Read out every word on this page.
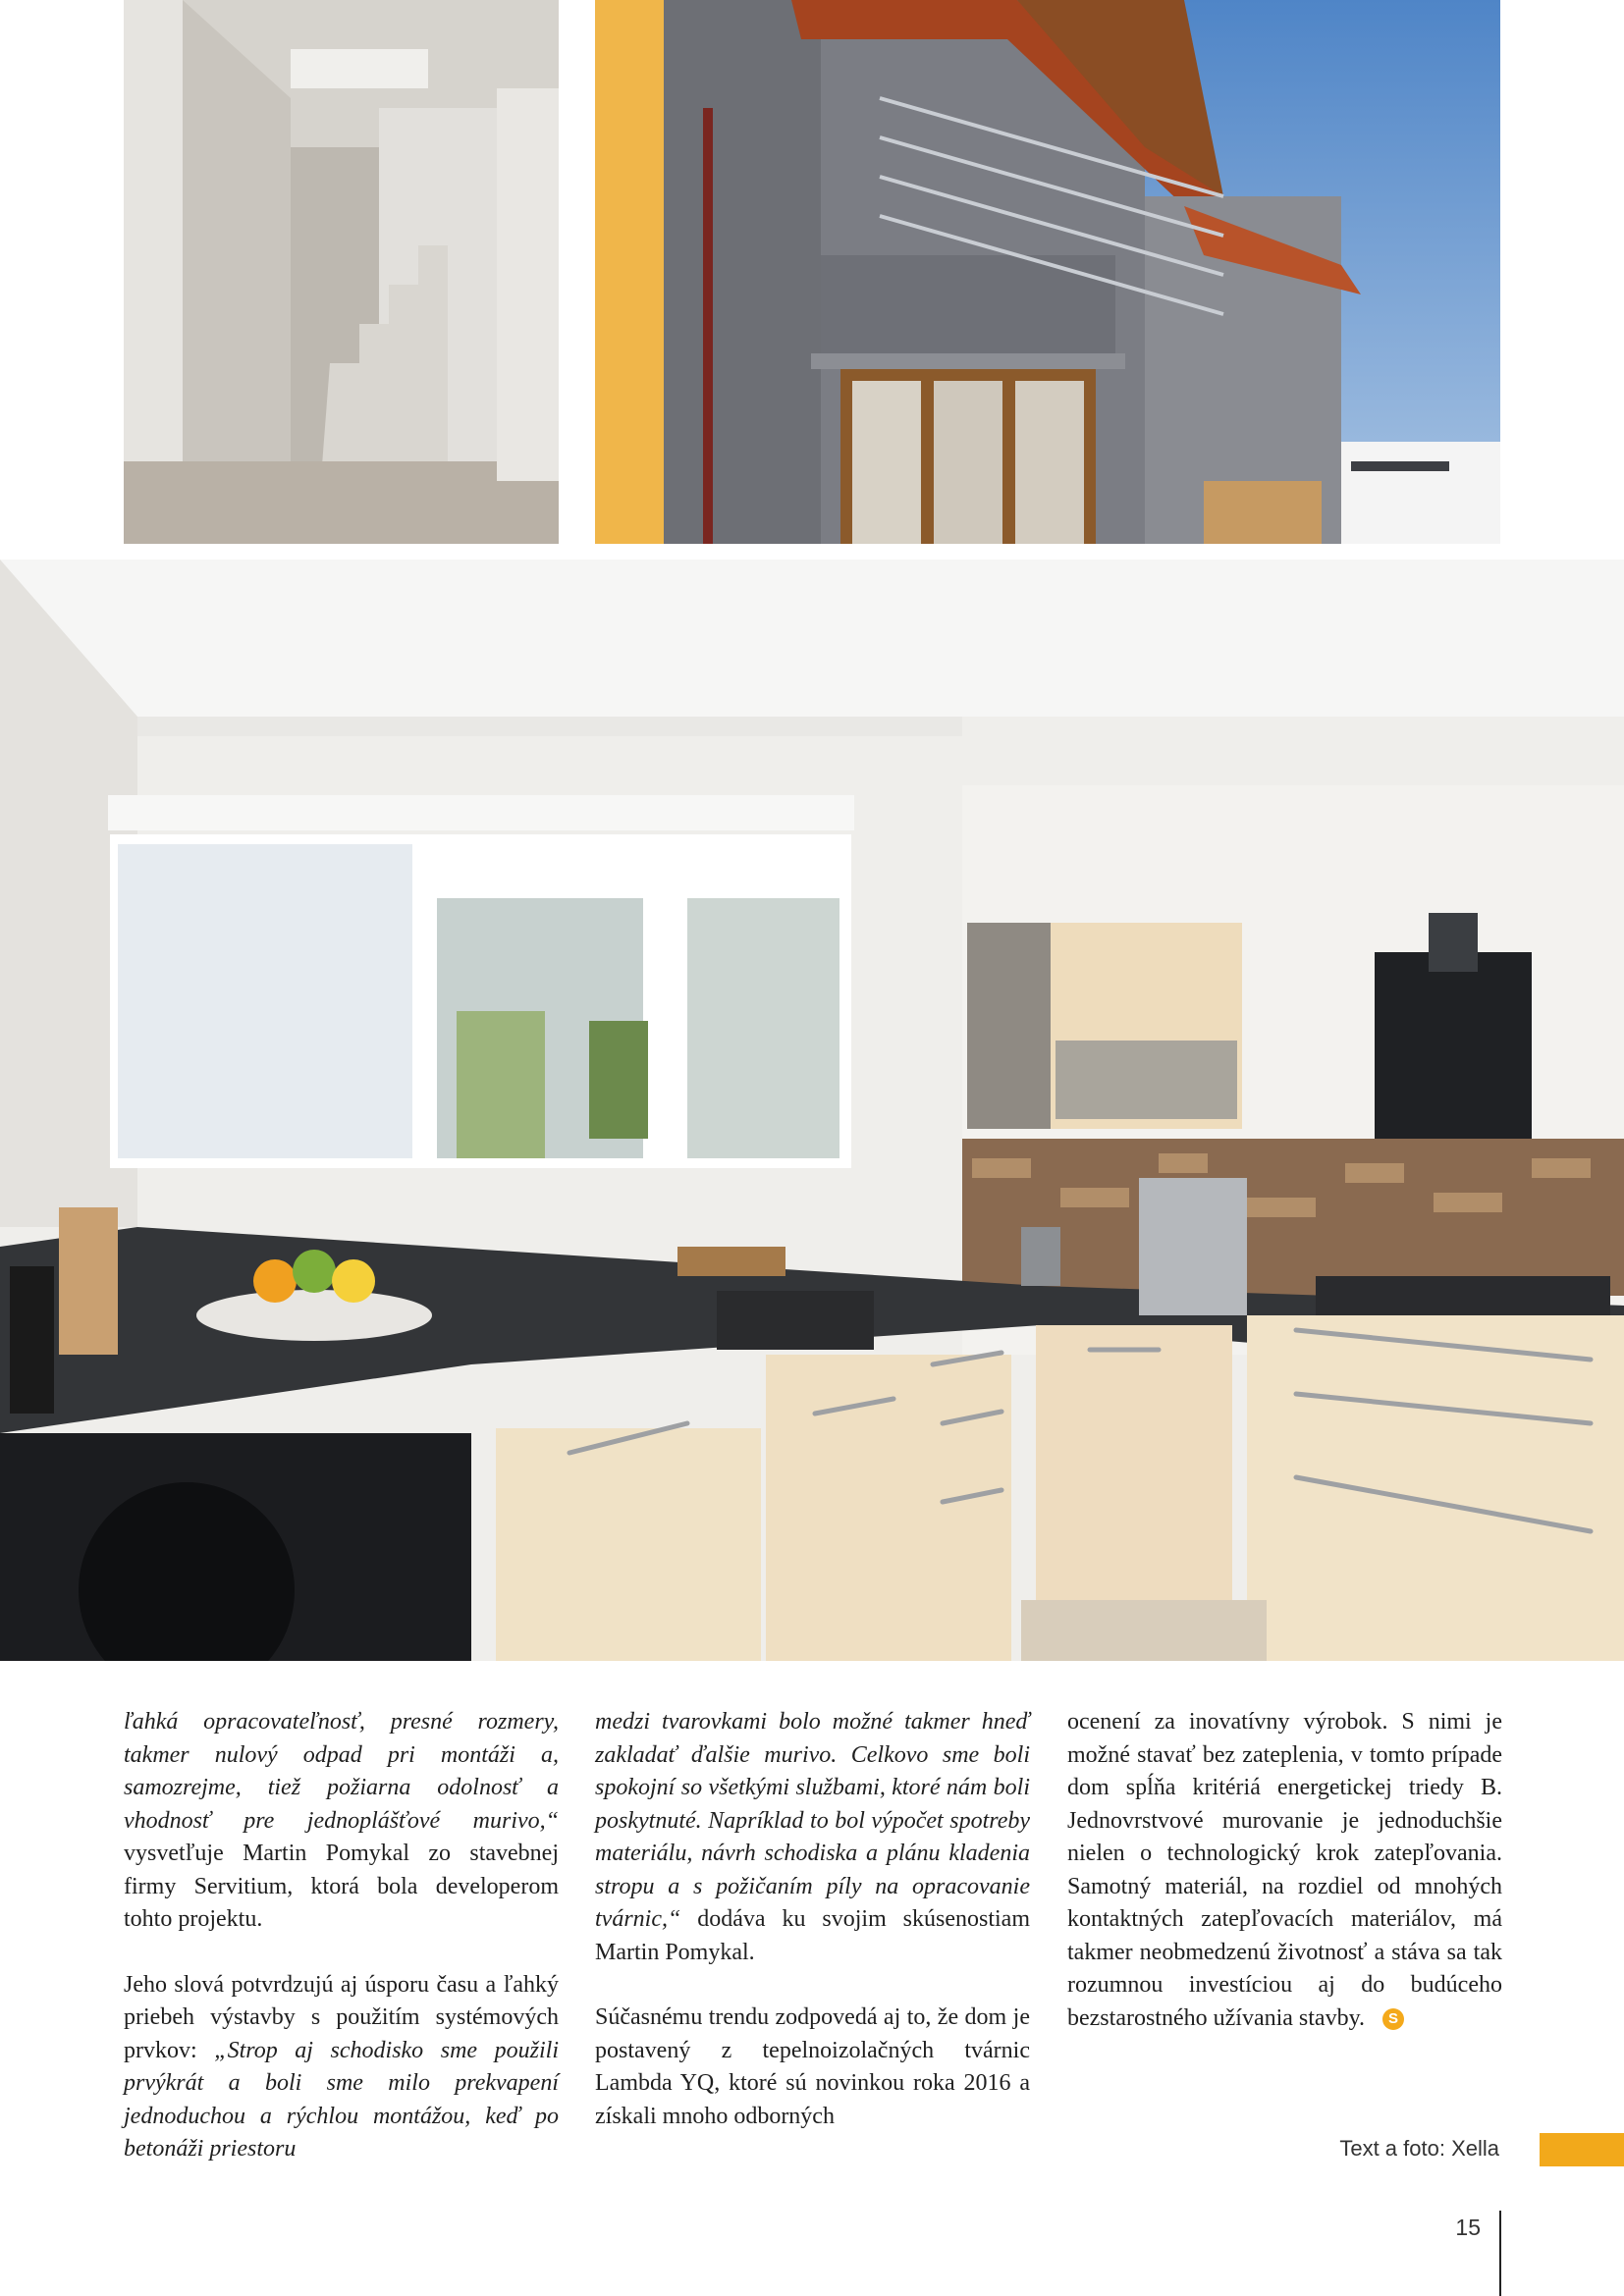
ľahká opracovateľnosť, presné rozmery, takmer nulový odpad pri montáži a, samozrejme, tiež požiarna odolnosť a vhodnosť pre jednoplášťové murivo,“ vysvetľuje Martin Pomykal zo stavebnej firmy Servitium, ktorá bola developerom tohto projektu.

Jeho slová potvrdzujú aj úsporu času a ľahký priebeh výstavby s použitím systémových prvkov: „Strop aj schodisko sme použili prvýkrát a boli sme milo prekvapení jednoduchou a rýchlou montážou, keď po betonáži priestoru

medzi tvarovkami bolo možné takmer hneď zakladať ďalšie murivo. Celkovo sme boli spokojní so všetkými službami, ktoré nám boli poskytnuté. Napríklad to bol výpočet spotreby materiálu, návrh schodiska a plánu kladenia stropu a s požičaním píly na opracovanie tvárnic,“ dodáva ku svojim skúsenostiam Martin Pomykal.

Súčasnému trendu zodpovedá aj to, že dom je postavený z tepelnoizolačných tvárnic Lambda YQ, ktoré sú novinkou roka 2016 a získali mnoho odborných

ocenení za inovatívny výrobok. S nimi je možné stavať bez zateplenia, v tomto prípade dom spĺňa kritériá energetickej triedy B. Jednovrstvové murovanie je jednoduchšie nielen o technologický krok zatepľovania. Samotný materiál, na rozdiel od mnohých kontaktných zatepľovacích materiálov, má takmer neobmedzenú životnosť a stáva sa tak rozumnou investíciou aj do budúceho bezstarostného užívania stavby. S

Text a foto: Xella
15
